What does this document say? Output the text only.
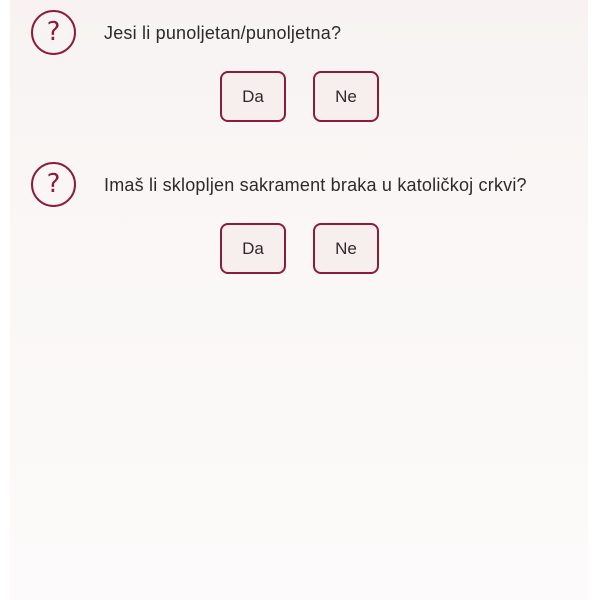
?	Jesi li punoljetan/punoljetna?
Da	Ne
?	Imaš li sklopljen sakrament braka u katoličkoj crkvi?
Da	Ne
